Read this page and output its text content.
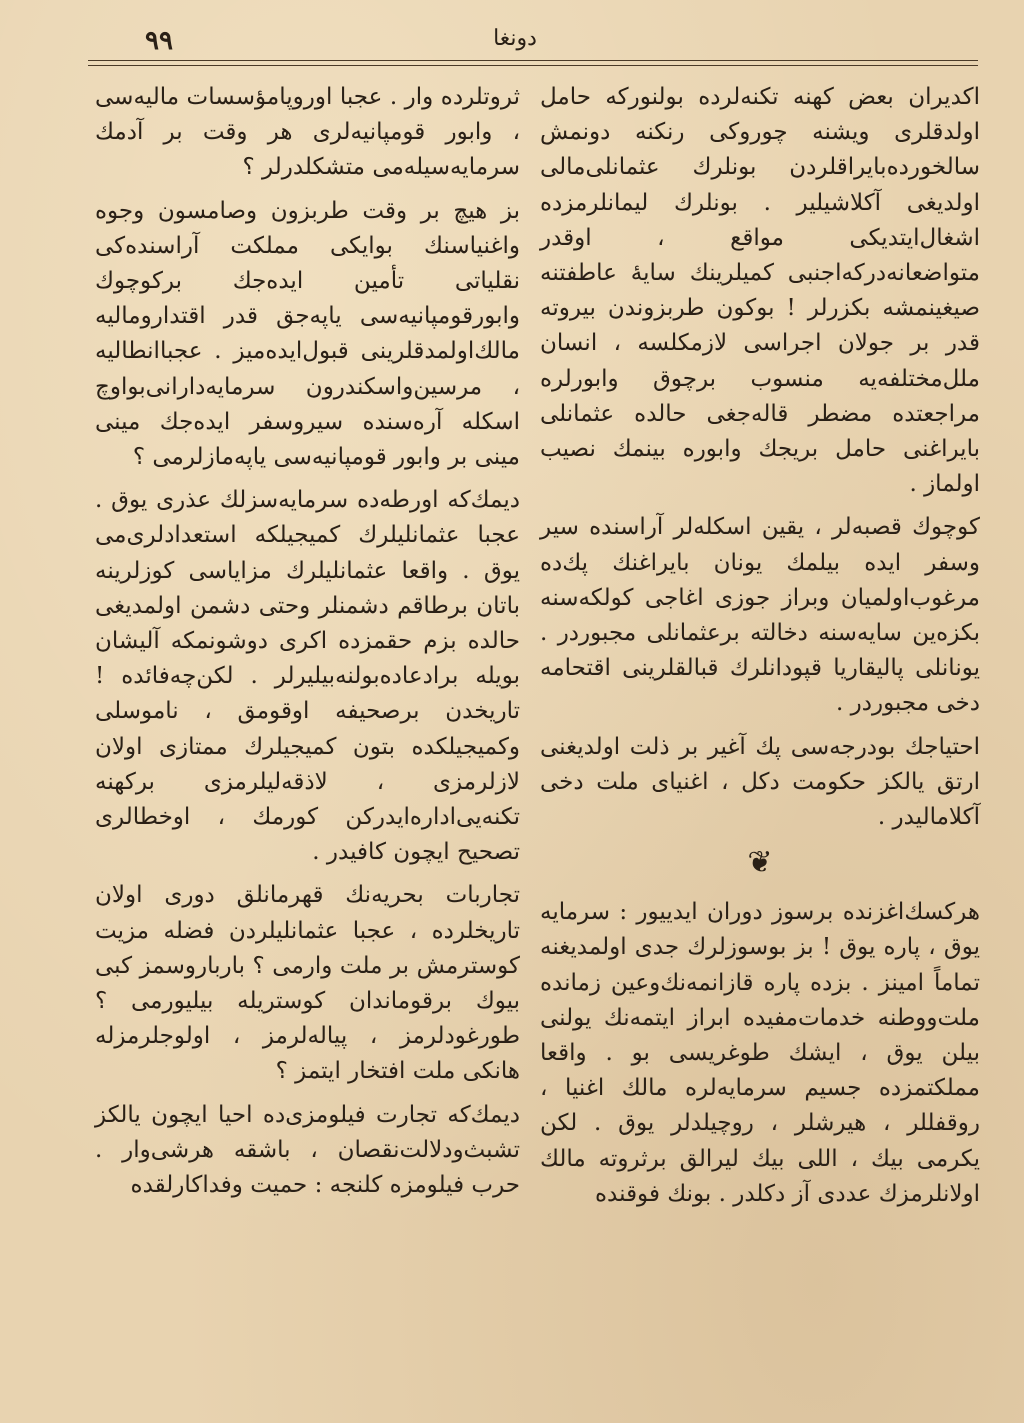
٩٩	دونغا

اکدیران بعض کهنه تکنه‌لرده بولنورکه حامل اولدقلری ویشنه چوروکی رنکنه دونمش سالخورده‌بایراقلردن بونلرك عثمانلی‌مالی اولدیغی آکلاشیلیر . بونلرك لیمانلرمزده اشغال‌ایتدیکی مواقع ، اوقدر متواضعانه‌درکه‌اجنبی کمیلرینك سایهٔ عاطفتنه صیغینمشه بکزرلر ! بوکون طربزوندن بیروته قدر بر جولان اجراسی لازمکلسه ، انسان ملل‌مختلفه‌یه منسوب برچوق وابورلره مراجعتده مضطر قاله‌جغی حالده عثمانلی بایراغنی حامل بریجك وابوره بینمك نصیب اولماز .

کوچوك قصبه‌لر ، یقین اسکله‌لر آراسنده سیر وسفر ایده بیلمك یونان بایراغنك پك‌ده مرغوب‌اولمیان وبراز جوزی اغاجی کولکه‌سنه بکزه‌ین سایه‌سنه دخالته برعثمانلی مجبوردر . یونانلی پالیقاریا قپودانلرك قبالقلرینی اقتحامه دخی مجبوردر .

احتیاجك بودرجه‌سی پك آغیر بر ذلت اولدیغنی ارتق یالکز حکومت دکل ، اغنیای ملت دخی آکلامالیدر .

❦

هرکسك‌اغزنده برسوز دوران ایدییور : سرمایه یوق ، پاره یوق ! بز بوسوزلرك جدی اولمدیغنه تماماً امینز . بزده پاره قازانمه‌نك‌وعین زمانده ملت‌ووطنه خدمات‌مفیده ابراز ایتمه‌نك یولنی بیلن یوق ، ایشك طوغریسی بو . واقعا مملکتمزده جسیم سرمایه‌لره مالك اغنیا ، روقفللر ، هیرشلر ، روچیلدلر یوق . لکن یکرمی بیك ، اللی بیك لیرالق برثروته مالك اولانلرمزك عددی آز دکلدر . بونك فوقنده

ثروتلرده وار . عجبا اوروپامؤسسات مالیه‌سی ، وابور قومپانیه‌لری هر وقت بر آدمك سرمایه‌سیله‌می متشکلدرلر ؟

بز هیچ بر وقت طربزون وصامسون وجوه واغنیاسنك بوایکی مملکت آراسنده‌کی نقلیاتی تأمین ایده‌جك برکوچوك وابورقومپانیه‌سی یاپه‌جق قدر اقتدارومالیه مالك‌اولمدقلرینی قبول‌ایده‌میز . عجباانطالیه ، مرسین‌واسکندرون سرمایه‌دارانی‌بواوچ اسکله آره‌سنده سیروسفر ایده‌جك مینی مینی بر وابور قومپانیه‌سی یاپه‌مازلرمی ؟

دیمك‌که اورطه‌ده سرمایه‌سزلك عذری یوق . عجبا عثمانلیلرك کمیجیلکه استعدادلری‌می یوق . واقعا عثمانلیلرك مزایاسی کوزلرینه باتان برطاقم دشمنلر وحتی دشمن اولمدیغی حالده بزم حقمزده اکری دوشونمکه آلیشان بویله برادعاده‌بولنه‌بیلیرلر . لکن‌چه‌فائده ! تاریخدن برصحیفه اوقومق ، ناموسلی وکمیجیلکده بتون کمیجیلرك ممتازی اولان لازلرمزی ، لاذقه‌لیلرمزی برکهنه تکنه‌یی‌اداره‌ایدرکن کورمك ، اوخطالری تصحیح ایچون کافیدر .

تجاربات بحریه‌نك قهرمانلق دوری اولان تاریخلرده ، عجبا عثمانلیلردن فضله مزیت کوسترمش بر ملت وارمی ؟ باربار‌وسمز کبی بیوك برقوماندان کوستریله بیلیورمی ؟ طورغودلرمز ، پیاله‌لرمز ، اولوجلرمزله هانکی ملت افتخار ایتمز ؟

دیمك‌که تجارت فیلومزی‌ده احیا ایچون یالکز تشبث‌ودلالت‌نقصان ، باشقه هرشی‌وار . حرب فیلومزه کلنجه : حمیت وفداکارلقده
